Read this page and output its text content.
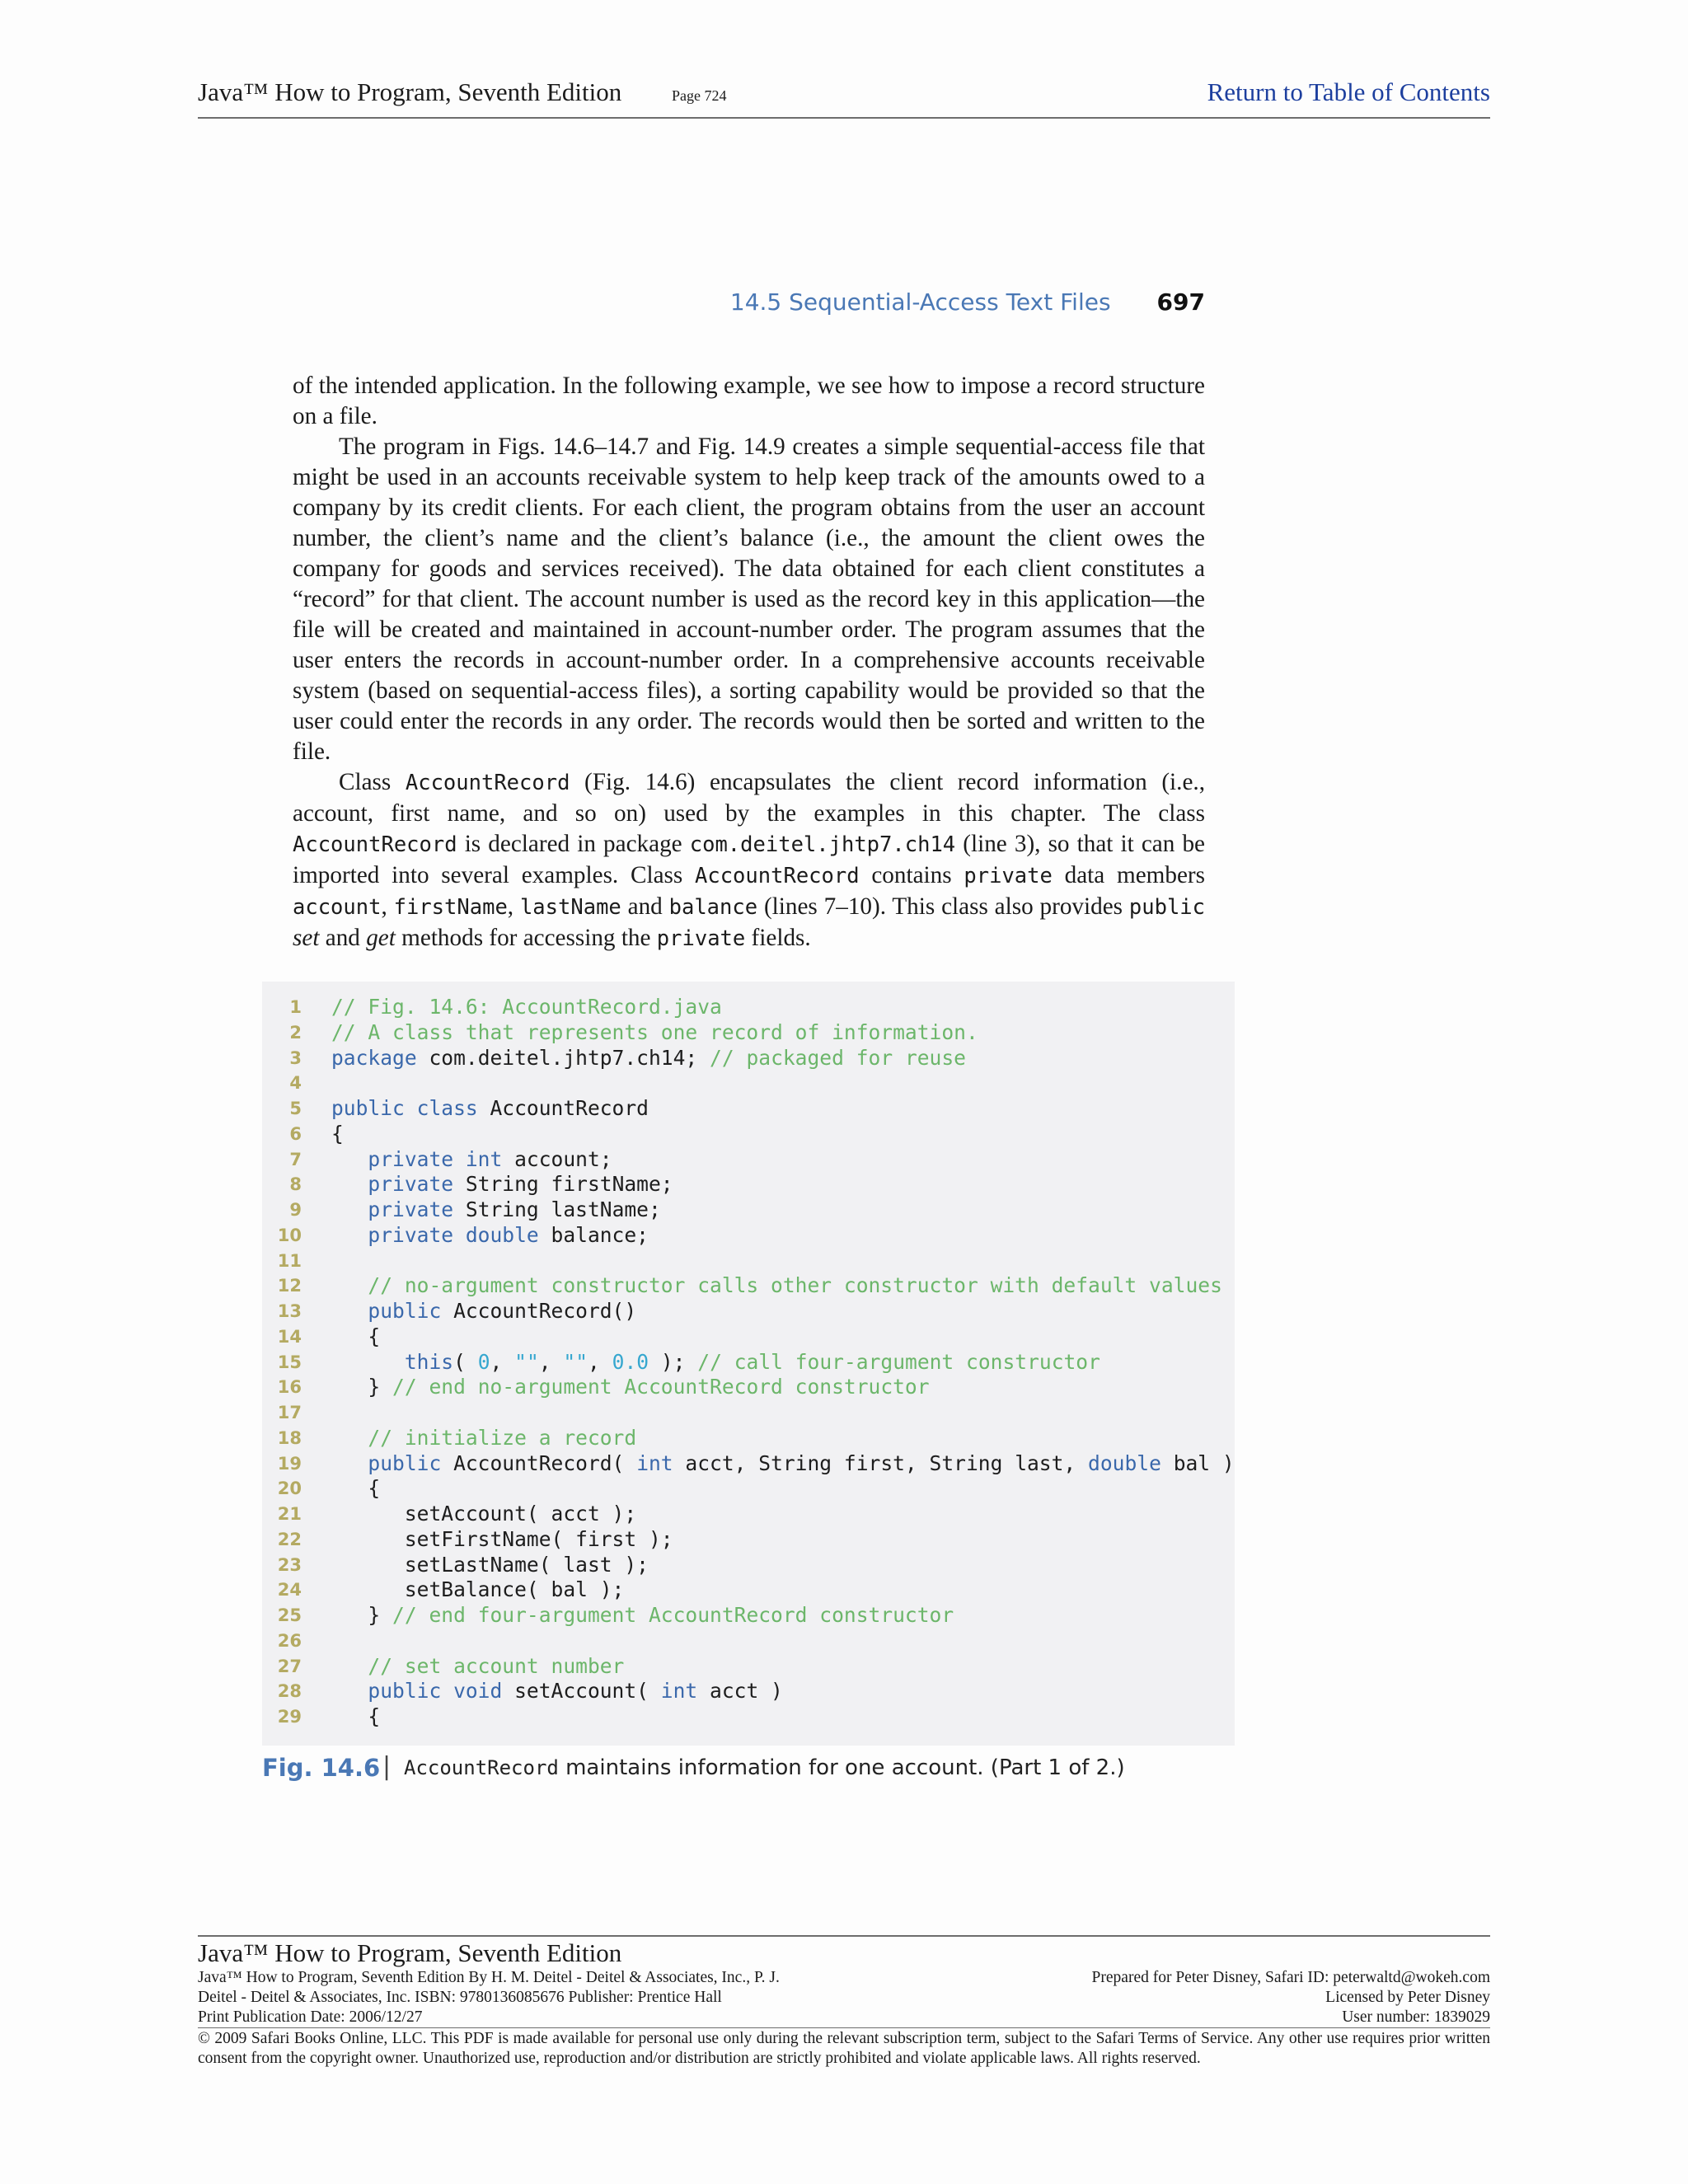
Java™ How to Program, Seventh Edition	Page 724	Return to Table of Contents
14.5 Sequential-Access Text Files 697

of the intended application. In the following example, we see how to impose a record structure on a file.

The program in Figs. 14.6–14.7 and Fig. 14.9 creates a simple sequential-access file that might be used in an accounts receivable system to help keep track of the amounts owed to a company by its credit clients. For each client, the program obtains from the user an account number, the client’s name and the client’s balance (i.e., the amount the client owes the company for goods and services received). The data obtained for each client constitutes a “record” for that client. The account number is used as the record key in this application—the file will be created and maintained in account-number order. The program assumes that the user enters the records in account-number order. In a comprehensive accounts receivable system (based on sequential-access files), a sorting capability would be provided so that the user could enter the records in any order. The records would then be sorted and written to the file.

Class AccountRecord (Fig. 14.6) encapsulates the client record information (i.e., account, first name, and so on) used by the examples in this chapter. The class AccountRecord is declared in package com.deitel.jhtp7.ch14 (line 3), so that it can be imported into several examples. Class AccountRecord contains private data members account, firstName, lastName and balance (lines 7–10). This class also provides public set and get methods for accessing the private fields.

1 // Fig. 14.6: AccountRecord.java
2 // A class that represents one record of information.
3 package com.deitel.jhtp7.ch14; // packaged for reuse
4
5 public class AccountRecord
6 {
7	private int account;
8	private String firstName;
9	private String lastName;
10	private double balance;
11
12	// no-argument constructor calls other constructor with default values
13	public AccountRecord()
14 {
15	this( 0, "", "", 0.0 ); // call four-argument constructor
16 } // end no-argument AccountRecord constructor
17
18	// initialize a record
19	public AccountRecord( int acct, String first, String last, double bal )
20 {
21 setAccount( acct );
22 setFirstName( first );
23 setLastName( last );
24 setBalance( bal );
25 } // end four-argument AccountRecord constructor
26
27	// set account number
28	public void setAccount( int acct )
29 {
Fig. 14.6 | AccountRecord maintains information for one account. (Part 1 of 2.)
Java™ How to Program, Seventh Edition
Java™ How to Program, Seventh Edition By H. M. Deitel - Deitel & Associates, Inc., P. J.
Deitel - Deitel & Associates, Inc. ISBN: 9780136085676 Publisher: Prentice Hall
Print Publication Date: 2006/12/27
Prepared for Peter Disney, Safari ID: peterwaltd@wokeh.com
Licensed by Peter Disney
User number: 1839029
© 2009 Safari Books Online, LLC. This PDF is made available for personal use only during the relevant subscription term, subject to the Safari Terms of Service. Any other use requires prior written consent from the copyright owner. Unauthorized use, reproduction and/or distribution are strictly prohibited and violate applicable laws. All rights reserved.
